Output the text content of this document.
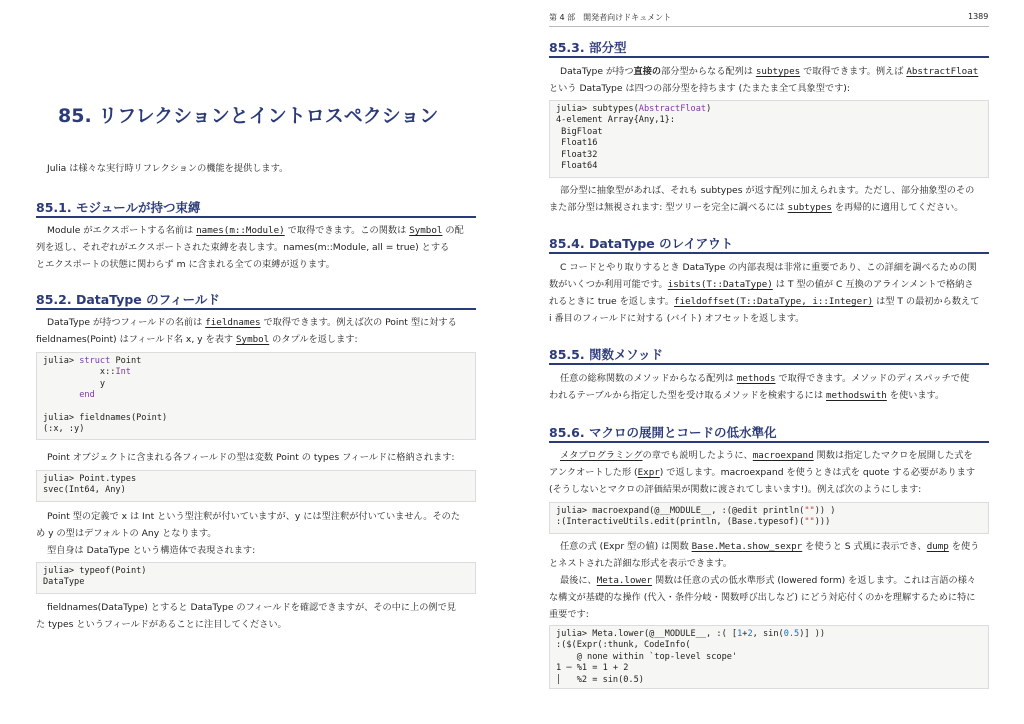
85. リフレクションとイントロスペクション
Julia は様々な実行時リフレクションの機能を提供します。
85.1. モジュールが持つ束縛
Module がエクスポートする名前は names(m::Module) で取得できます。この関数は Symbol の配
列を返し、それぞれがエクスポートされた束縛を表します。names(m::Module, all = true) とする
とエクスポートの状態に関わらず m に含まれる全ての束縛が返ります。
85.2. DataType のフィールド
DataType が持つフィールドの名前は fieldnames で取得できます。例えば次の Point 型に対する
fieldnames(Point) はフィールド名 x, y を表す Symbol のタプルを返します:
julia> struct Point
x::Int
y
end
julia> fieldnames(Point)
(:x, :y)
Point オブジェクトに含まれる各フィールドの型は変数 Point の types フィールドに格納されます:
julia> Point.types
svec(Int64, Any)
Point 型の定義で x は Int という型注釈が付いていますが、y には型注釈が付いていません。そのた
め y の型はデフォルトの Any となります。
型自身は DataType という構造体で表現されます:
julia> typeof(Point)
DataType
fieldnames(DataType) とすると DataType のフィールドを確認できますが、その中に上の例で見
た types というフィールドがあることに注目してください。
第 4 部　開発者向けドキュメント	1389
85.3. 部分型
DataType が持つ直接の部分型からなる配列は subtypes で取得できます。例えば AbstractFloat
という DataType は四つの部分型を持ちます (たまたま全て具象型です):
julia> subtypes(AbstractFloat)
4-element Array{Any,1}:
BigFloat
Float16
Float32
Float64
部分型に抽象型があれば、それも subtypes が返す配列に加えられます。ただし、部分抽象型のその
また部分型は無視されます: 型ツリーを完全に調べるには subtypes を再帰的に適用してください。
85.4. DataType のレイアウト
C コードとやり取りするとき DataType の内部表現は非常に重要であり、この詳細を調べるための関
数がいくつか利用可能です。isbits(T::DataType) は T 型の値が C 互換のアラインメントで格納さ
れるときに true を返します。fieldoffset(T::DataType, i::Integer) は型 T の最初から数えて
i 番目のフィールドに対する (バイト) オフセットを返します。
85.5. 関数メソッド
任意の総称関数のメソッドからなる配列は methods で取得できます。メソッドのディスパッチで使
われるテーブルから指定した型を受け取るメソッドを検索するには methodswith を使います。
85.6. マクロの展開とコードの低水準化
メタプログラミングの章でも説明したように、macroexpand 関数は指定したマクロを展開した式を
アンクオートした形 (Expr) で返します。macroexpand を使うときは式を quote する必要があります
(そうしないとマクロの評価結果が関数に渡されてしまいます!)。例えば次のようにします:
julia> macroexpand(@__MODULE__, :(@edit println("")) )
:(InteractiveUtils.edit(println, (Base.typesof)("")))
任意の式 (Expr 型の値) は関数 Base.Meta.show_sexpr を使うと S 式風に表示でき、dump を使う
とネストされた詳細な形式を表示できます。
最後に、Meta.lower 関数は任意の式の低水準形式 (lowered form) を返します。これは言語の様々
な構文が基礎的な操作 (代入・条件分岐・関数呼び出しなど) にどう対応付くのかを理解するために特に
重要です:
julia> Meta.lower(@__MODULE__, :( [1+2, sin(0.5)] ))
:($(Expr(:thunk, CodeInfo(
@ none within `top-level scope'
1 ─ %1 = 1 + 2
│   %2 = sin(0.5)
